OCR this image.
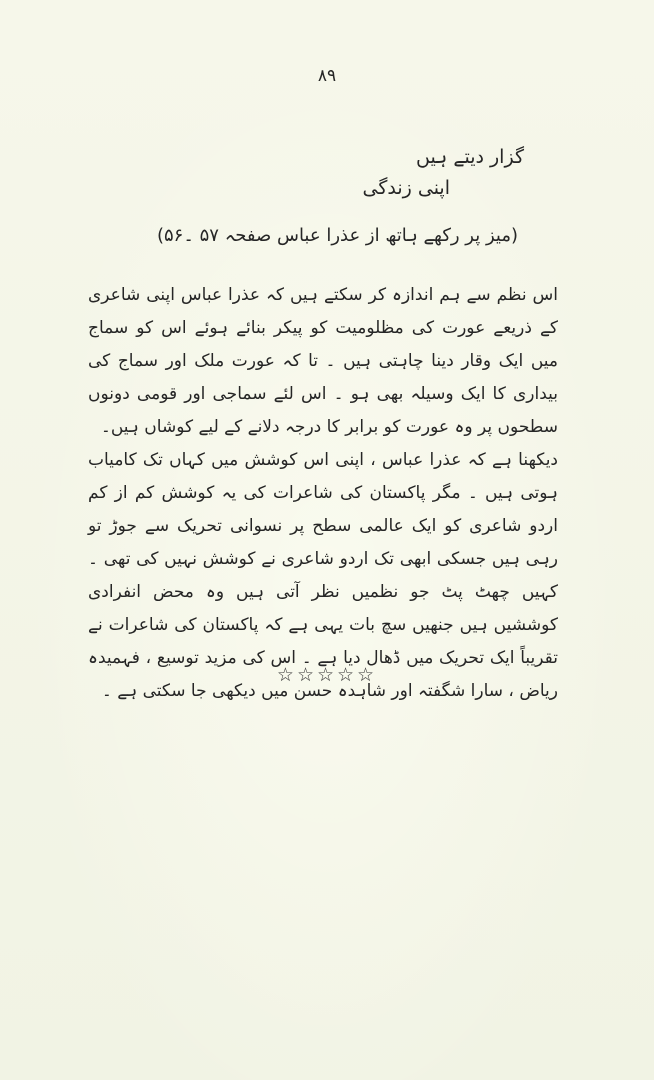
۸۹
گزار دیتے ہیں
اپنی زندگی
(میز پر رکھے ہاتھ از عذرا عباس صفحہ ۵۷ ۔۵۶)

اس نظم سے ہم اندازہ کر سکتے ہیں کہ عذرا عباس اپنی شاعری کے ذریعے عورت کی مظلومیت کو پیکر بنائے ہوئے اس کو سماج میں ایک وقار دینا چاہتی ہیں ۔ تا کہ عورت ملک اور سماج کی بیداری کا ایک وسیلہ بھی ہو ۔ اس لئے سماجی اور قومی دونوں سطحوں پر وہ عورت کو برابر کا درجہ دلانے کے لیے کوشاں ہیں۔

دیکھنا ہے کہ عذرا عباس ، اپنی اس کوشش میں کہاں تک کامیاب ہوتی ہیں ۔ مگر پاکستان کی شاعرات کی یہ کوشش کم از کم اردو شاعری کو ایک عالمی سطح پر نسوانی تحریک سے جوڑ تو رہی ہیں جسکی ابھی تک اردو شاعری نے کوشش نہیں کی تھی ۔ کہیں چھٹ پٹ جو نظمیں نظر آتی ہیں وہ محض انفرادی کوششیں ہیں جنھیں سچ بات یہی ہے کہ پاکستان کی شاعرات نے تقریباً ایک تحریک میں ڈھال دیا ہے ۔ اس کی مزید توسیع ، فہمیدہ ریاض ، سارا شگفتہ اور شاہدہ حسن میں دیکھی جا سکتی ہے ۔

☆☆☆☆☆
